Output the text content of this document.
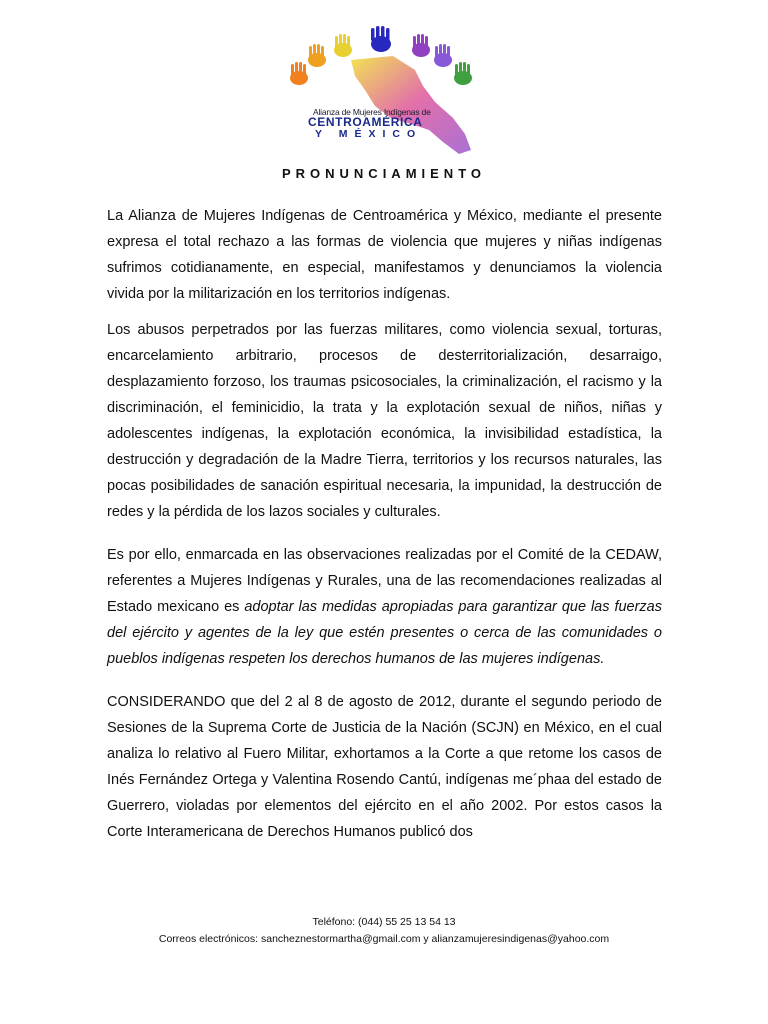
Alianza de Mujeres Indígenas de
CENTROAMÉRICA
Y MÉXICO
PRONUNCIAMIENTO

La Alianza de Mujeres Indígenas de Centroamérica y México, mediante el presente expresa el total rechazo a las formas de violencia que mujeres y niñas indígenas sufrimos cotidianamente, en especial, manifestamos y denunciamos la violencia vivida por la militarización en los territorios indígenas.

Los abusos perpetrados por las fuerzas militares, como violencia sexual, torturas, encarcelamiento arbitrario, procesos de desterritorialización, desarraigo, desplazamiento forzoso, los traumas psicosociales, la criminalización, el racismo y la discriminación, el feminicidio, la trata y la explotación sexual de niños, niñas y adolescentes indígenas, la explotación económica, la invisibilidad estadística, la destrucción y degradación de la Madre Tierra, territorios y los recursos naturales, las pocas posibilidades de sanación espiritual necesaria, la impunidad, la destrucción de redes y la pérdida de los lazos sociales y culturales.

Es por ello, enmarcada en las observaciones realizadas por el Comité de la CEDAW, referentes a Mujeres Indígenas y Rurales, una de las recomendaciones realizadas al Estado mexicano es adoptar las medidas apropiadas para garantizar que las fuerzas del ejército y agentes de la ley que estén presentes o cerca de las comunidades o pueblos indígenas respeten los derechos humanos de las mujeres indígenas.

CONSIDERANDO que del 2 al 8 de agosto de 2012, durante el segundo periodo de Sesiones de la Suprema Corte de Justicia de la Nación (SCJN) en México, en el cual analiza lo relativo al Fuero Militar, exhortamos a la Corte a que retome los casos de Inés Fernández Ortega y Valentina Rosendo Cantú, indígenas me´phaa del estado de Guerrero, violadas por elementos del ejército en el año 2002. Por estos casos la Corte Interamericana de Derechos Humanos publicó dos

Teléfono: (044) 55 25 13 54 13
Correos electrónicos: sancheznestormartha@gmail.com y alianzamujeresindigenas@yahoo.com
